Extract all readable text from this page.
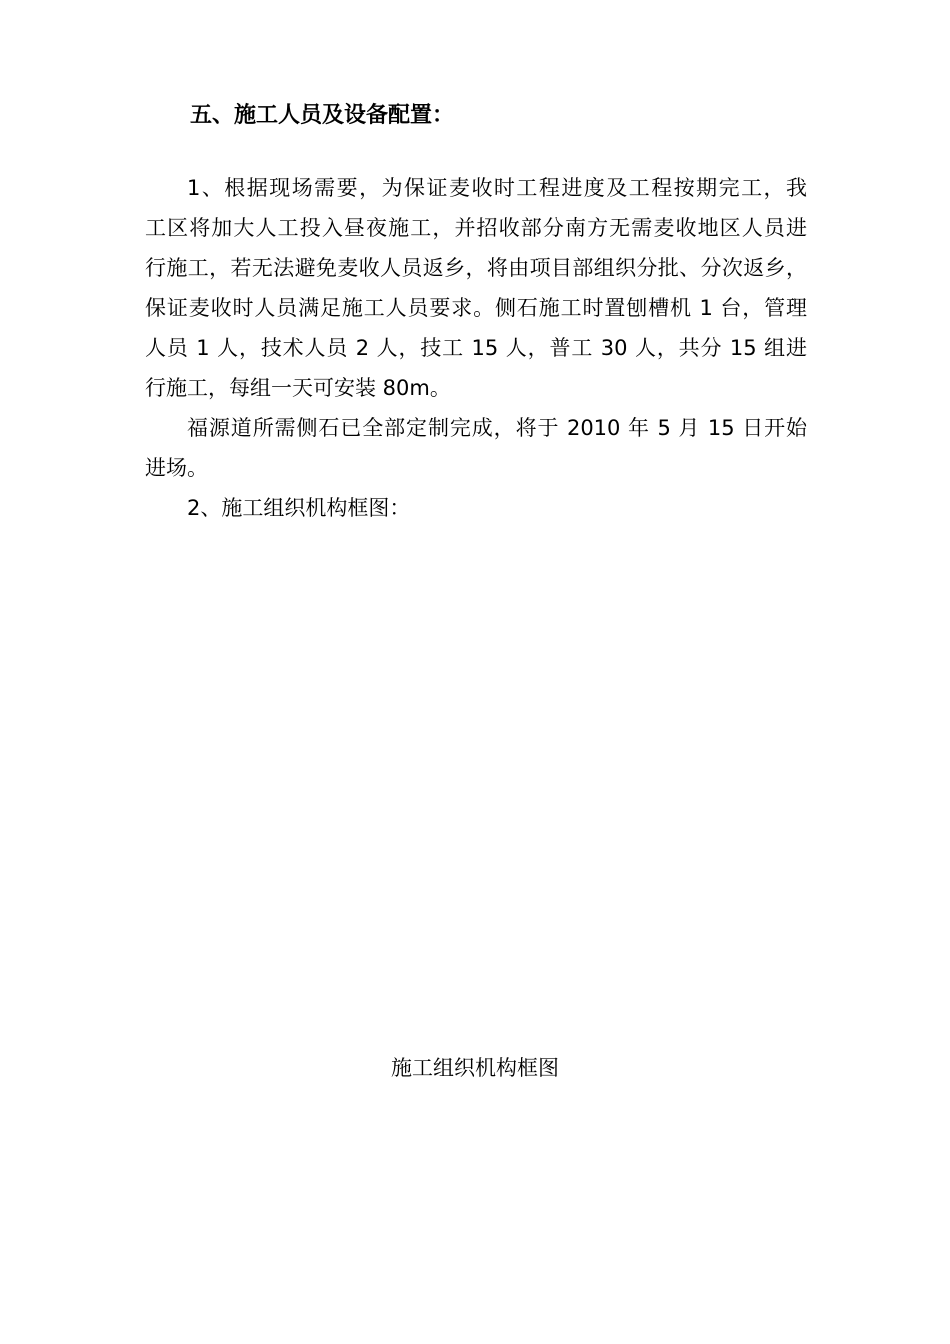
五、施工人员及设备配置：
1、根据现场需要，为保证麦收时工程进度及工程按期完工，我
工区将加大人工投入昼夜施工，并招收部分南方无需麦收地区人员进
行施工，若无法避免麦收人员返乡，将由项目部组织分批、分次返乡，
保证麦收时人员满足施工人员要求。侧石施工时置刨槽机 1 台，管理
人员 1 人，技术人员 2 人，技工 15 人，普工 30 人，共分 15 组进
行施工，每组一天可安装 80m。
福源道所需侧石已全部定制完成，将于 2010 年 5 月 15 日开始
进场。
2、施工组织机构框图：
施工组织机构框图
